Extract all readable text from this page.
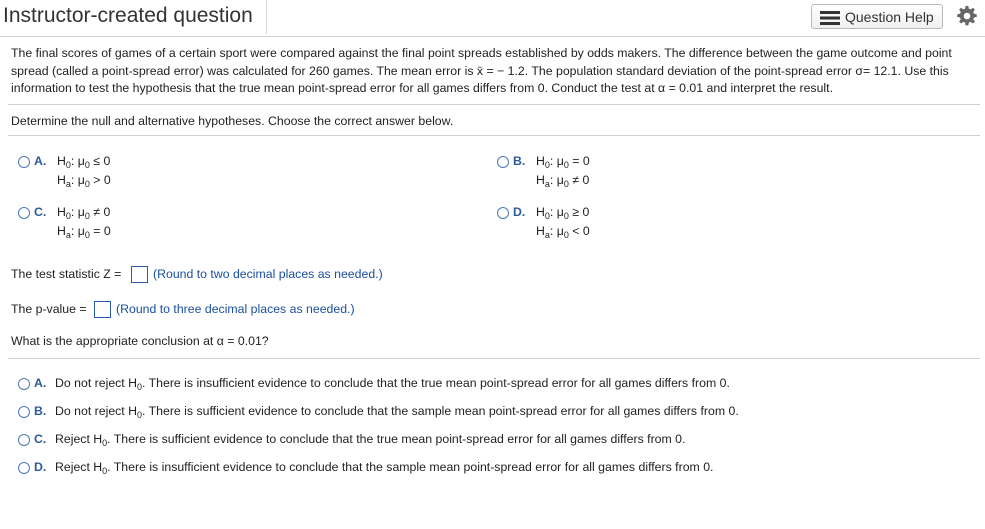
Instructor-created question	Question Help
The final scores of games of a certain sport were compared against the final point spreads established by odds makers. The difference between the game outcome and point spread (called a point-spread error) was calculated for 260 games. The mean error is x̄ = − 1.2. The population standard deviation of the point-spread error σ= 12.1. Use this information to test the hypothesis that the true mean point-spread error for all games differs from 0. Conduct the test at α = 0.01 and interpret the result.
Determine the null and alternative hypotheses. Choose the correct answer below.
A. $H_0$: $\mu_0 \le 0$
$H_a$: $\mu_0 > 0$
B. $H_0$: $\mu_0 = 0$
$H_a$: $\mu_0 \ne 0$
C. $H_0$: $\mu_0 \ne 0$
$H_a$: $\mu_0 = 0$
D. $H_0$: $\mu_0 \ge 0$
$H_a$: $\mu_0 < 0$
The test statistic Z =	(Round to two decimal places as needed.)
The p-value = (Round to three decimal places as needed.)
What is the appropriate conclusion at α = 0.01?
A. Do not reject $H_0$. There is insufficient evidence to conclude that the true mean point-spread error for all games differs from 0.
B. Do not reject $H_0$. There is sufficient evidence to conclude that the sample mean point-spread error for all games differs from 0.
C. Reject $H_0$. There is sufficient evidence to conclude that the true mean point-spread error for all games differs from 0.
D. Reject $H_0$. There is insufficient evidence to conclude that the sample mean point-spread error for all games differs from 0.
